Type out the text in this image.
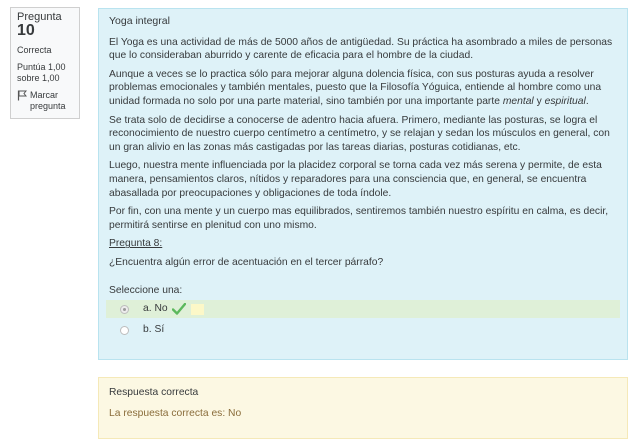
Pregunta
10
Correcta
Puntúa 1,00
sobre 1,00
Marcar
pregunta

Yoga integral

El Yoga es una actividad de más de 5000 años de antigüedad. Su práctica ha asombrado a miles de personas que lo consideraban aburrido y carente de eficacia para el hombre de la ciudad.

Aunque a veces se lo practica sólo para mejorar alguna dolencia física, con sus posturas ayuda a resolver problemas emocionales y también mentales, puesto que la Filosofía Yóguica, entiende al hombre como una unidad formada no solo por una parte material, sino también por una importante parte mental y espiritual.

Se trata solo de decidirse a conocerse de adentro hacia afuera. Primero, mediante las posturas, se logra el reconocimiento de nuestro cuerpo centímetro a centímetro, y se relajan y sedan los músculos en general, con un gran alivio en las zonas más castigadas por las tareas diarias, posturas cotidianas, etc.

Luego, nuestra mente influenciada por la placidez corporal se torna cada vez más serena y permite, de esta manera, pensamientos claros, nítidos y reparadores para una consciencia que, en general, se encuentra abasallada por preocupaciones y obligaciones de toda índole.

Por fin, con una mente y un cuerpo mas equilibrados, sentiremos también nuestro espíritu en calma, es decir, permitirá sentirse en plenitud con uno mismo.

Pregunta 8:

¿Encuentra algún error de acentuación en el tercer párrafo?

Seleccione una:

a. No
b. Sí
Respuesta correcta
La respuesta correcta es: No
